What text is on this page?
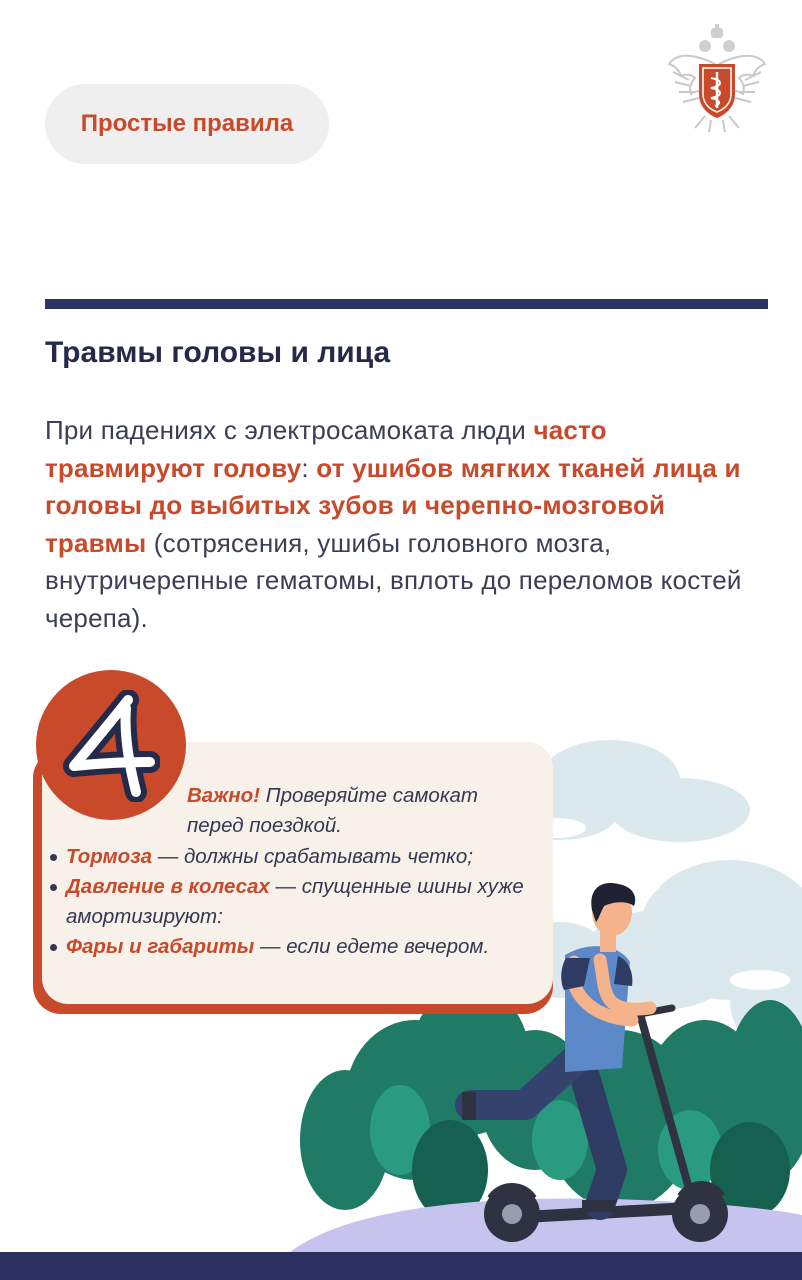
Простые правила
Травмы головы и лица

При падениях с электросамоката люди часто травмируют голову: от ушибов мягких тканей лица и головы до выбитых зубов и черепно-мозговой травмы (сотрясения, ушибы головного мозга, внутричерепные гематомы, вплоть до переломов костей черепа).

Важно! Проверяйте самокат перед поездкой.

Тормоза — должны срабатывать четко;
Давление в колесах — спущенные шины хуже амортизируют:
Фары и габариты — если едете вечером.
